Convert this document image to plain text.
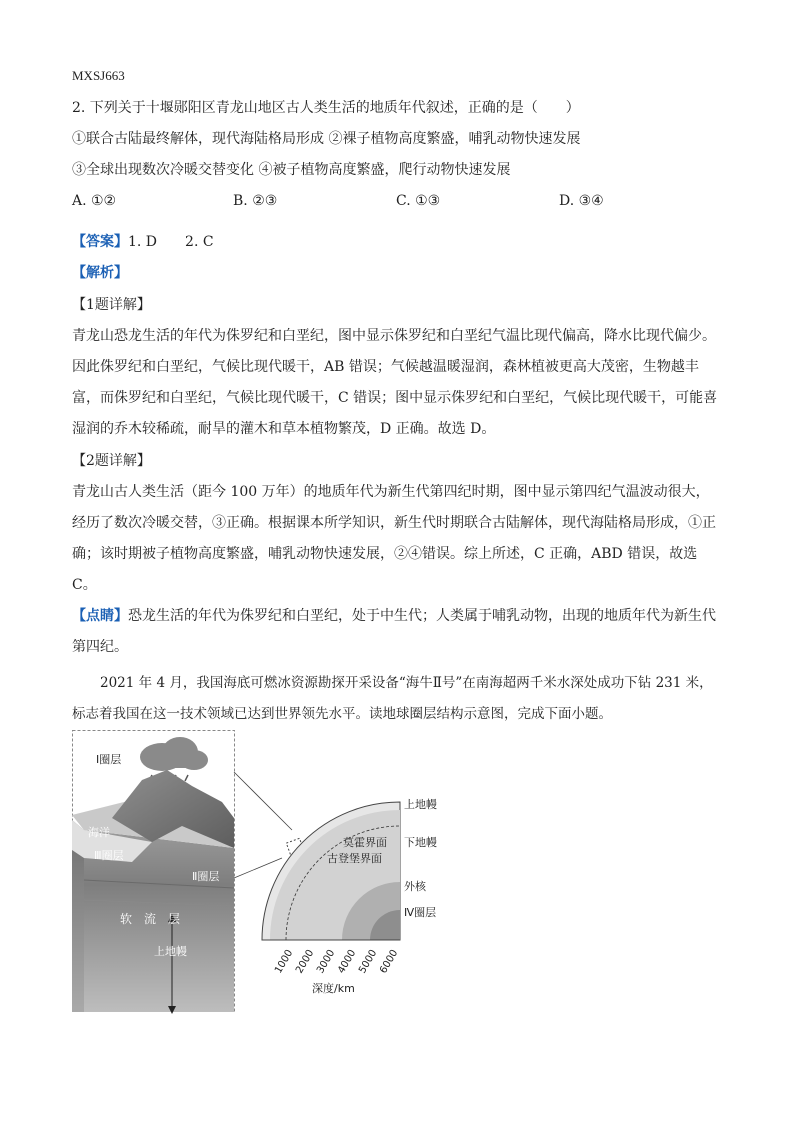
MXSJ663
2. 下列关于十堰郧阳区青龙山地区古人类生活的地质年代叙述，正确的是（　　）
①联合古陆最终解体，现代海陆格局形成 ②裸子植物高度繁盛，哺乳动物快速发展
③全球出现数次冷暖交替变化 ④被子植物高度繁盛，爬行动物快速发展
A. ①②	B. ②③	C. ①③	D. ③④
【答案】1. D　　2. C
【解析】
【1题详解】
青龙山恐龙生活的年代为侏罗纪和白垩纪，图中显示侏罗纪和白垩纪气温比现代偏高，降水比现代偏少。
因此侏罗纪和白垩纪，气候比现代暖干，AB 错误；气候越温暖湿润，森林植被更高大茂密，生物越丰
富，而侏罗纪和白垩纪，气候比现代暖干，C 错误；图中显示侏罗纪和白垩纪，气候比现代暖干，可能喜
湿润的乔木较稀疏，耐旱的灌木和草本植物繁茂，D 正确。故选 D。
【2题详解】
青龙山古人类生活（距今 100 万年）的地质年代为新生代第四纪时期，图中显示第四纪气温波动很大，
经历了数次冷暖交替，③正确。根据课本所学知识，新生代时期联合古陆解体，现代海陆格局形成，①正
确；该时期被子植物高度繁盛，哺乳动物快速发展，②④错误。综上所述，C 正确，ABD 错误，故选
C。
【点睛】恐龙生活的年代为侏罗纪和白垩纪，处于中生代；人类属于哺乳动物，出现的地质年代为新生代
第四纪。
2021 年 4 月，我国海底可燃冰资源勘探开采设备“海牛Ⅱ号”在南海超两千米水深处成功下钻 231 米，
标志着我国在这一技术领域已达到世界领先水平。读地球圈层结构示意图，完成下面小题。
Ⅰ圈层
海洋
Ⅲ圈层
Ⅱ圈层
软　流　层
上地幔
莫霍界面
古登堡界面
上地幔
下地幔
外核
Ⅳ圈层
1000
2000
3000
4000
5000
6000
深度/km
